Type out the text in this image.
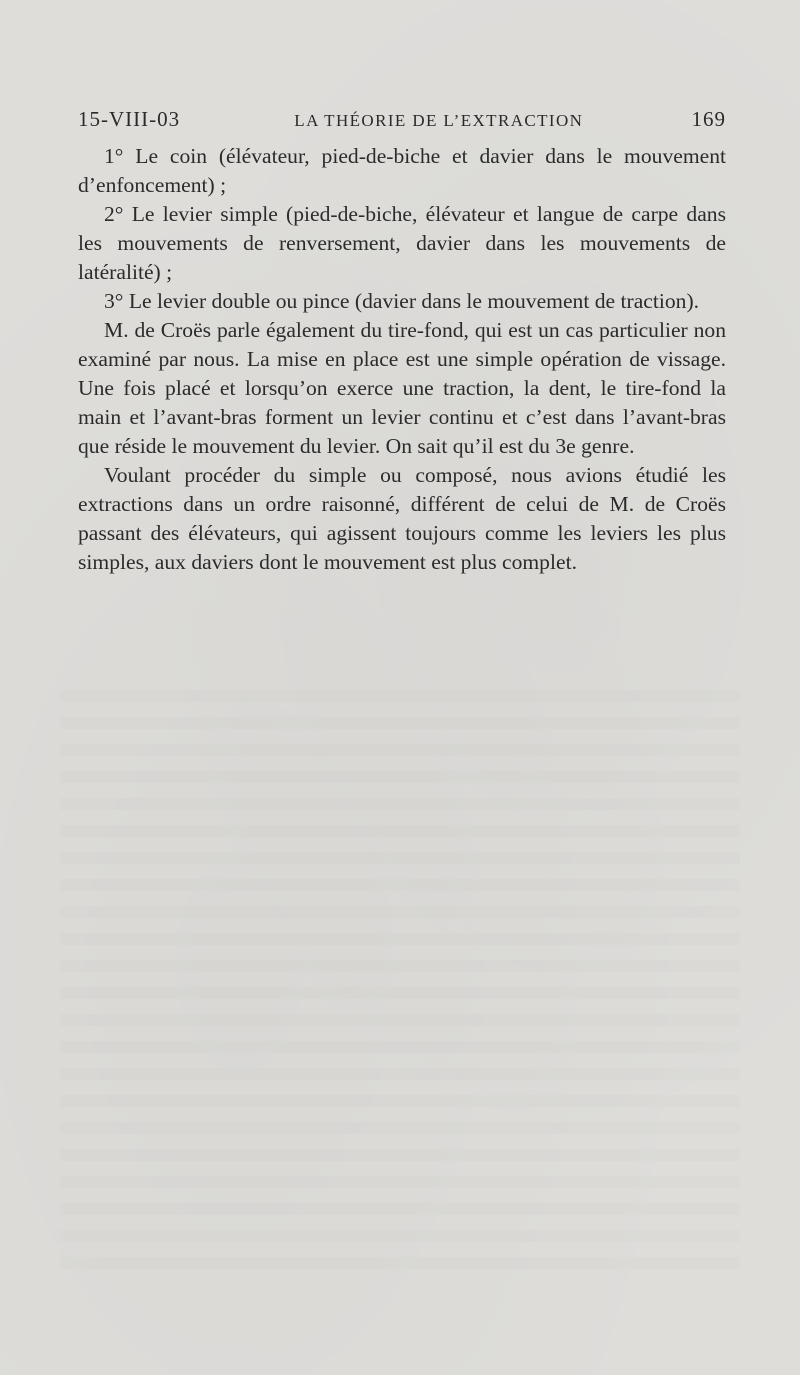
15-VIII-03	LA THÉORIE DE L’EXTRACTION	169

1° Le coin (élévateur, pied-de-biche et davier dans le mouvement d’enfoncement) ;

2° Le levier simple (pied-de-biche, élévateur et langue de carpe dans les mouvements de renversement, davier dans les mouvements de latéralité) ;

3° Le levier double ou pince (davier dans le mouvement de traction).

M. de Croës parle également du tire-fond, qui est un cas particulier non examiné par nous. La mise en place est une simple opération de vissage. Une fois placé et lorsqu’on exerce une traction, la dent, le tire-fond la main et l’avant-bras forment un levier continu et c’est dans l’avant-bras que réside le mouvement du levier. On sait qu’il est du 3e genre.

Voulant procéder du simple ou composé, nous avions étudié les extractions dans un ordre raisonné, différent de celui de M. de Croës passant des élévateurs, qui agissent toujours comme les leviers les plus simples, aux daviers dont le mouvement est plus complet.
